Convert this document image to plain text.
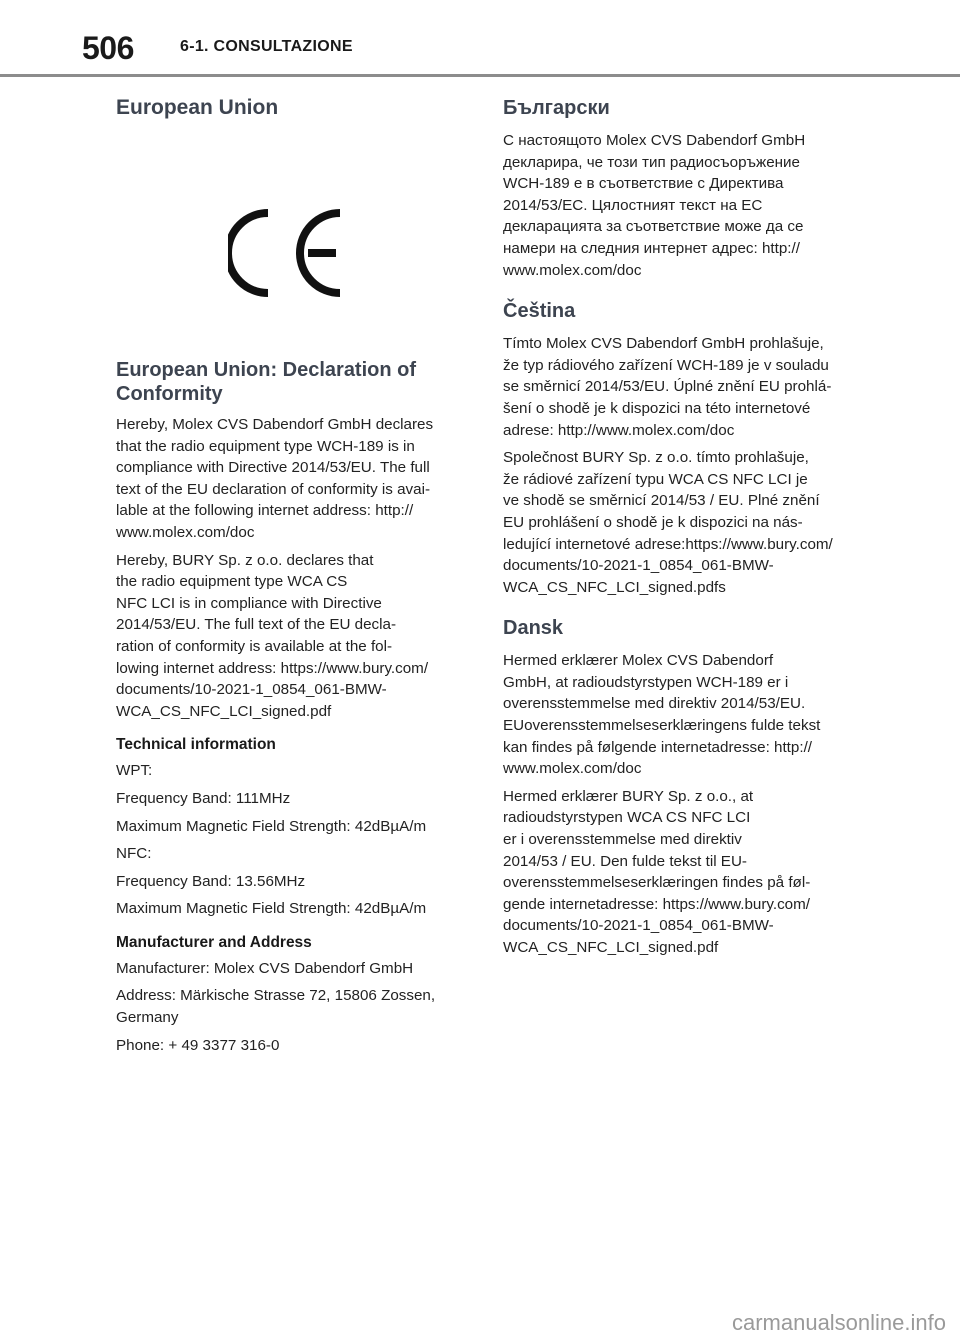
506	6-1. CONSULTAZIONE
European Union
European Union: Declaration of
Conformity

Hereby, Molex CVS Dabendorf GmbH declares
that the radio equipment type WCH-189 is in
compliance with Directive 2014/53/EU. The full
text of the EU declaration of conformity is avai-
lable at the following internet address: http://
www.molex.com/doc

Hereby, BURY Sp. z o.o. declares that
the radio equipment type WCA CS
NFC LCI is in compliance with Directive
2014/53/EU. The full text of the EU decla-
ration of conformity is available at the fol-
lowing internet address: https://www.bury.com/
documents/10-2021-1_0854_061-BMW-
WCA_CS_NFC_LCI_signed.pdf

Technical information

WPT:

Frequency Band: 111MHz

Maximum Magnetic Field Strength: 42dBµA/m

NFC:

Frequency Band: 13.56MHz

Maximum Magnetic Field Strength: 42dBµA/m

Manufacturer and Address

Manufacturer: Molex CVS Dabendorf GmbH

Address: Märkische Strasse 72, 15806 Zossen,
Germany

Phone: + 49 3377 316-0

Български

С настоящото Molex CVS Dabendorf GmbH
декларира, че този тип радиосъоръжение
WCH-189 е в съответствие с Директива
2014/53/ЕС. Цялостният текст на ЕС
декларацията за съответствие може да се
намери на следния интернет адрес: http://
www.molex.com/doc

Čeština

Tímto Molex CVS Dabendorf GmbH prohlašuje,
že typ rádiového zařízení WCH-189 je v souladu
se směrnicí 2014/53/EU. Úplné znění EU prohlá-
šení o shodě je k dispozici na této internetové
adrese: http://www.molex.com/doc

Společnost BURY Sp. z o.o. tímto prohlašuje,
že rádiové zařízení typu WCA CS NFC LCI je
ve shodě se směrnicí 2014/53 / EU. Plné znění
EU prohlášení o shodě je k dispozici na nás-
ledující internetové adrese:https://www.bury.com/
documents/10-2021-1_0854_061-BMW-
WCA_CS_NFC_LCI_signed.pdfs

Dansk

Hermed erklærer Molex CVS Dabendorf
GmbH, at radioudstyrstypen WCH-189 er i
overensstemmelse med direktiv 2014/53/EU.
EUoverensstemmelseserklæringens fulde tekst
kan findes på følgende internetadresse: http://
www.molex.com/doc

Hermed erklærer BURY Sp. z o.o., at
radioudstyrstypen WCA CS NFC LCI
er i overensstemmelse med direktiv
2014/53 / EU. Den fulde tekst til EU-
overensstemmelseserklæringen findes på føl-
gende internetadresse: https://www.bury.com/
documents/10-2021-1_0854_061-BMW-
WCA_CS_NFC_LCI_signed.pdf

carmanualsonline.info
